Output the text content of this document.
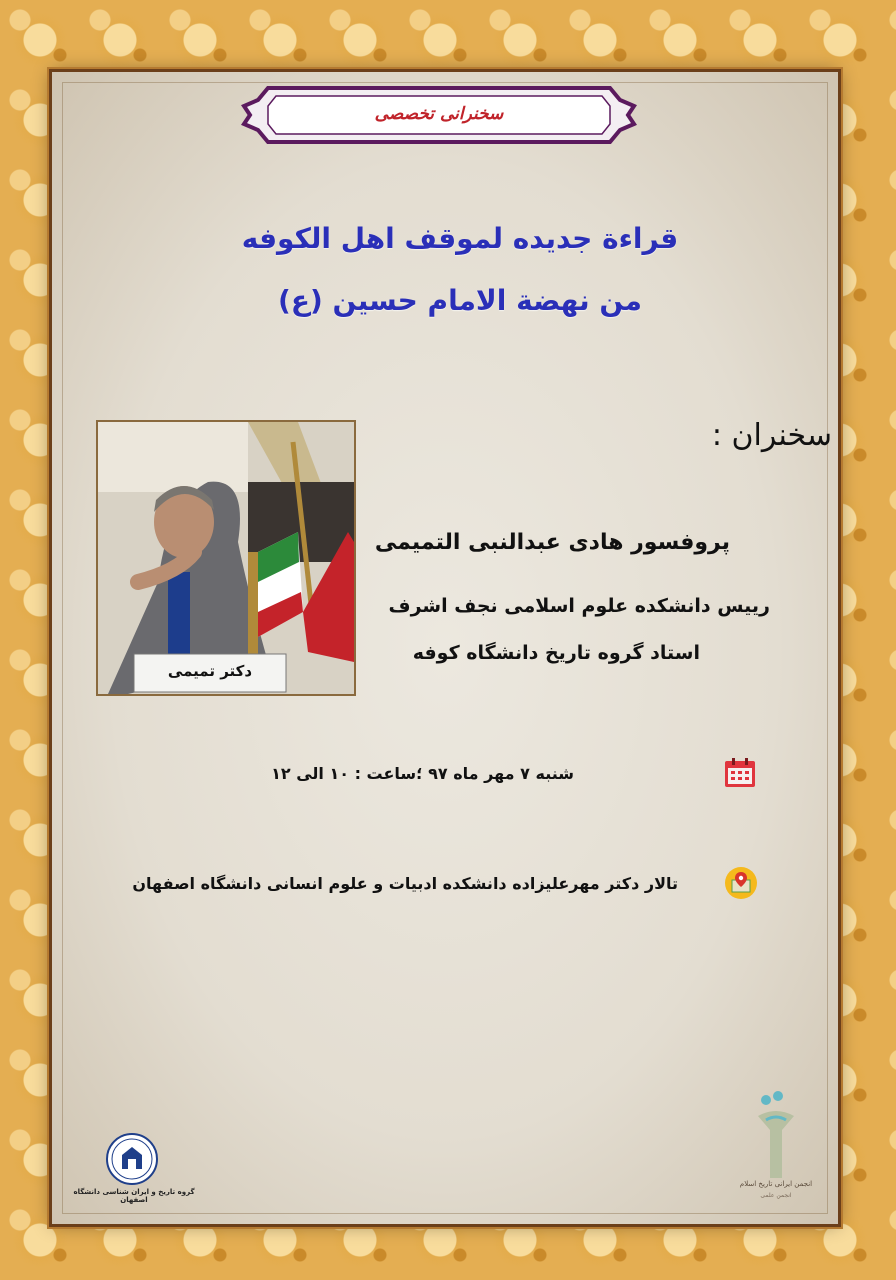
سخنرانی تخصصی
قراءة جديده لموقف اهل الكوفه
من نهضة الامام حسين (ع)
سخنران :
دکتر تمیمی
پروفسور هادی عبدالنبی التمیمی
رییس دانشکده علوم اسلامی نجف اشرف
استاد گروه تاریخ دانشگاه کوفه
شنبه ۷ مهر ماه ۹۷ ؛ساعت : ۱۰ الی ۱۲
تالار دکتر مهرعلیزاده دانشکده ادبیات و علوم انسانی دانشگاه اصفهان
گروه تاریخ و ایران شناسی دانشگاه اصفهان
انجمن ایرانی تاریخ اسلام
انجمن علمی
